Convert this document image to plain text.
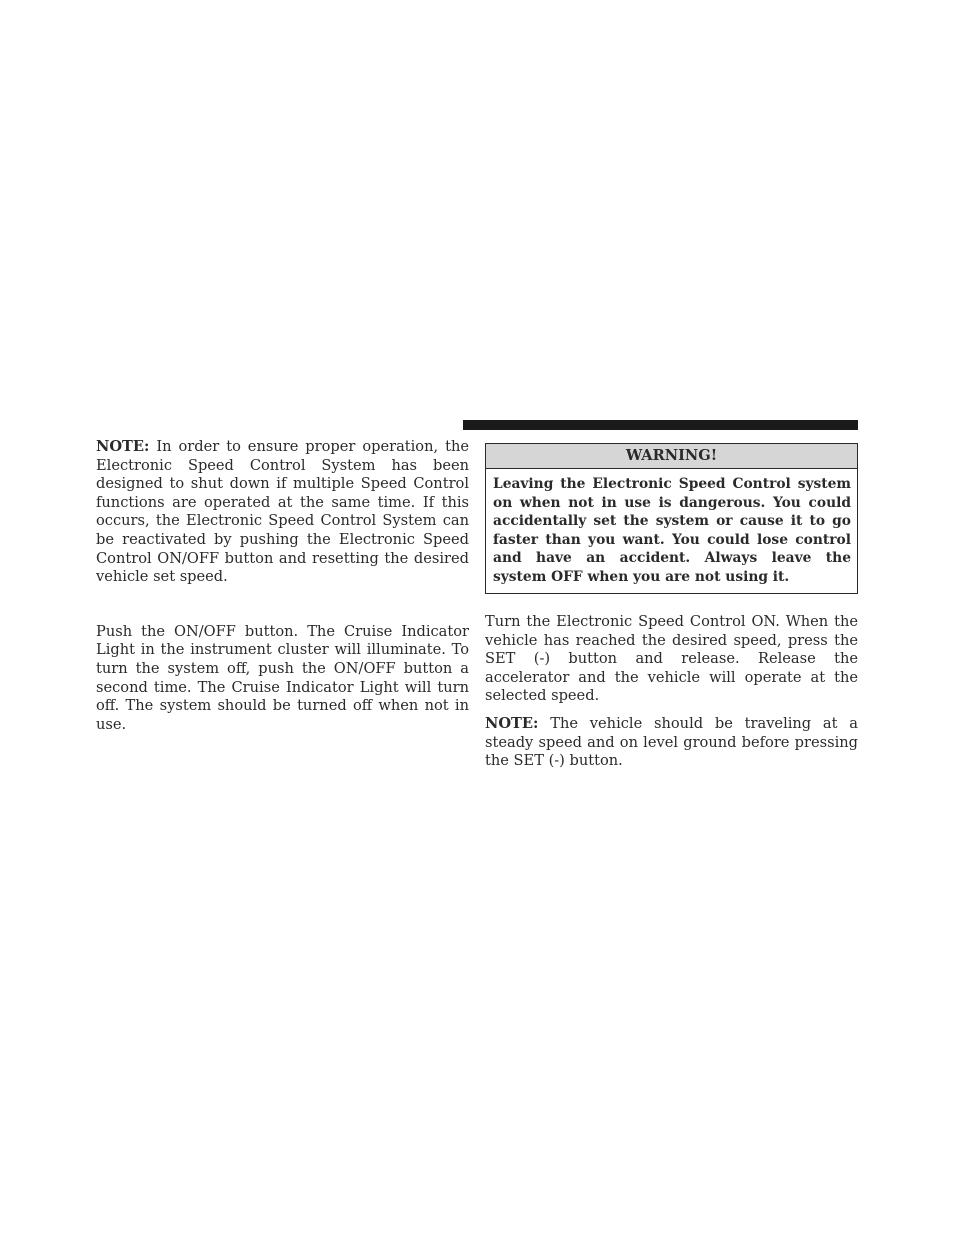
NOTE: In order to ensure proper operation, the Electronic Speed Control System has been designed to shut down if multiple Speed Control functions are operated at the same time. If this occurs, the Electronic Speed Control System can be reactivated by pushing the Electronic Speed Control ON/OFF button and resetting the desired vehicle set speed.

Push the ON/OFF button. The Cruise Indicator Light in the instrument cluster will illuminate. To turn the system off, push the ON/OFF button a second time. The Cruise Indicator Light will turn off. The system should be turned off when not in use.

WARNING!
Leaving the Electronic Speed Control system on when not in use is dangerous. You could accidentally set the system or cause it to go faster than you want. You could lose control and have an accident. Always leave the system OFF when you are not using it.

Turn the Electronic Speed Control ON. When the vehicle has reached the desired speed, press the SET (-) button and release. Release the accelerator and the vehicle will operate at the selected speed.

NOTE: The vehicle should be traveling at a steady speed and on level ground before pressing the SET (-) button.
